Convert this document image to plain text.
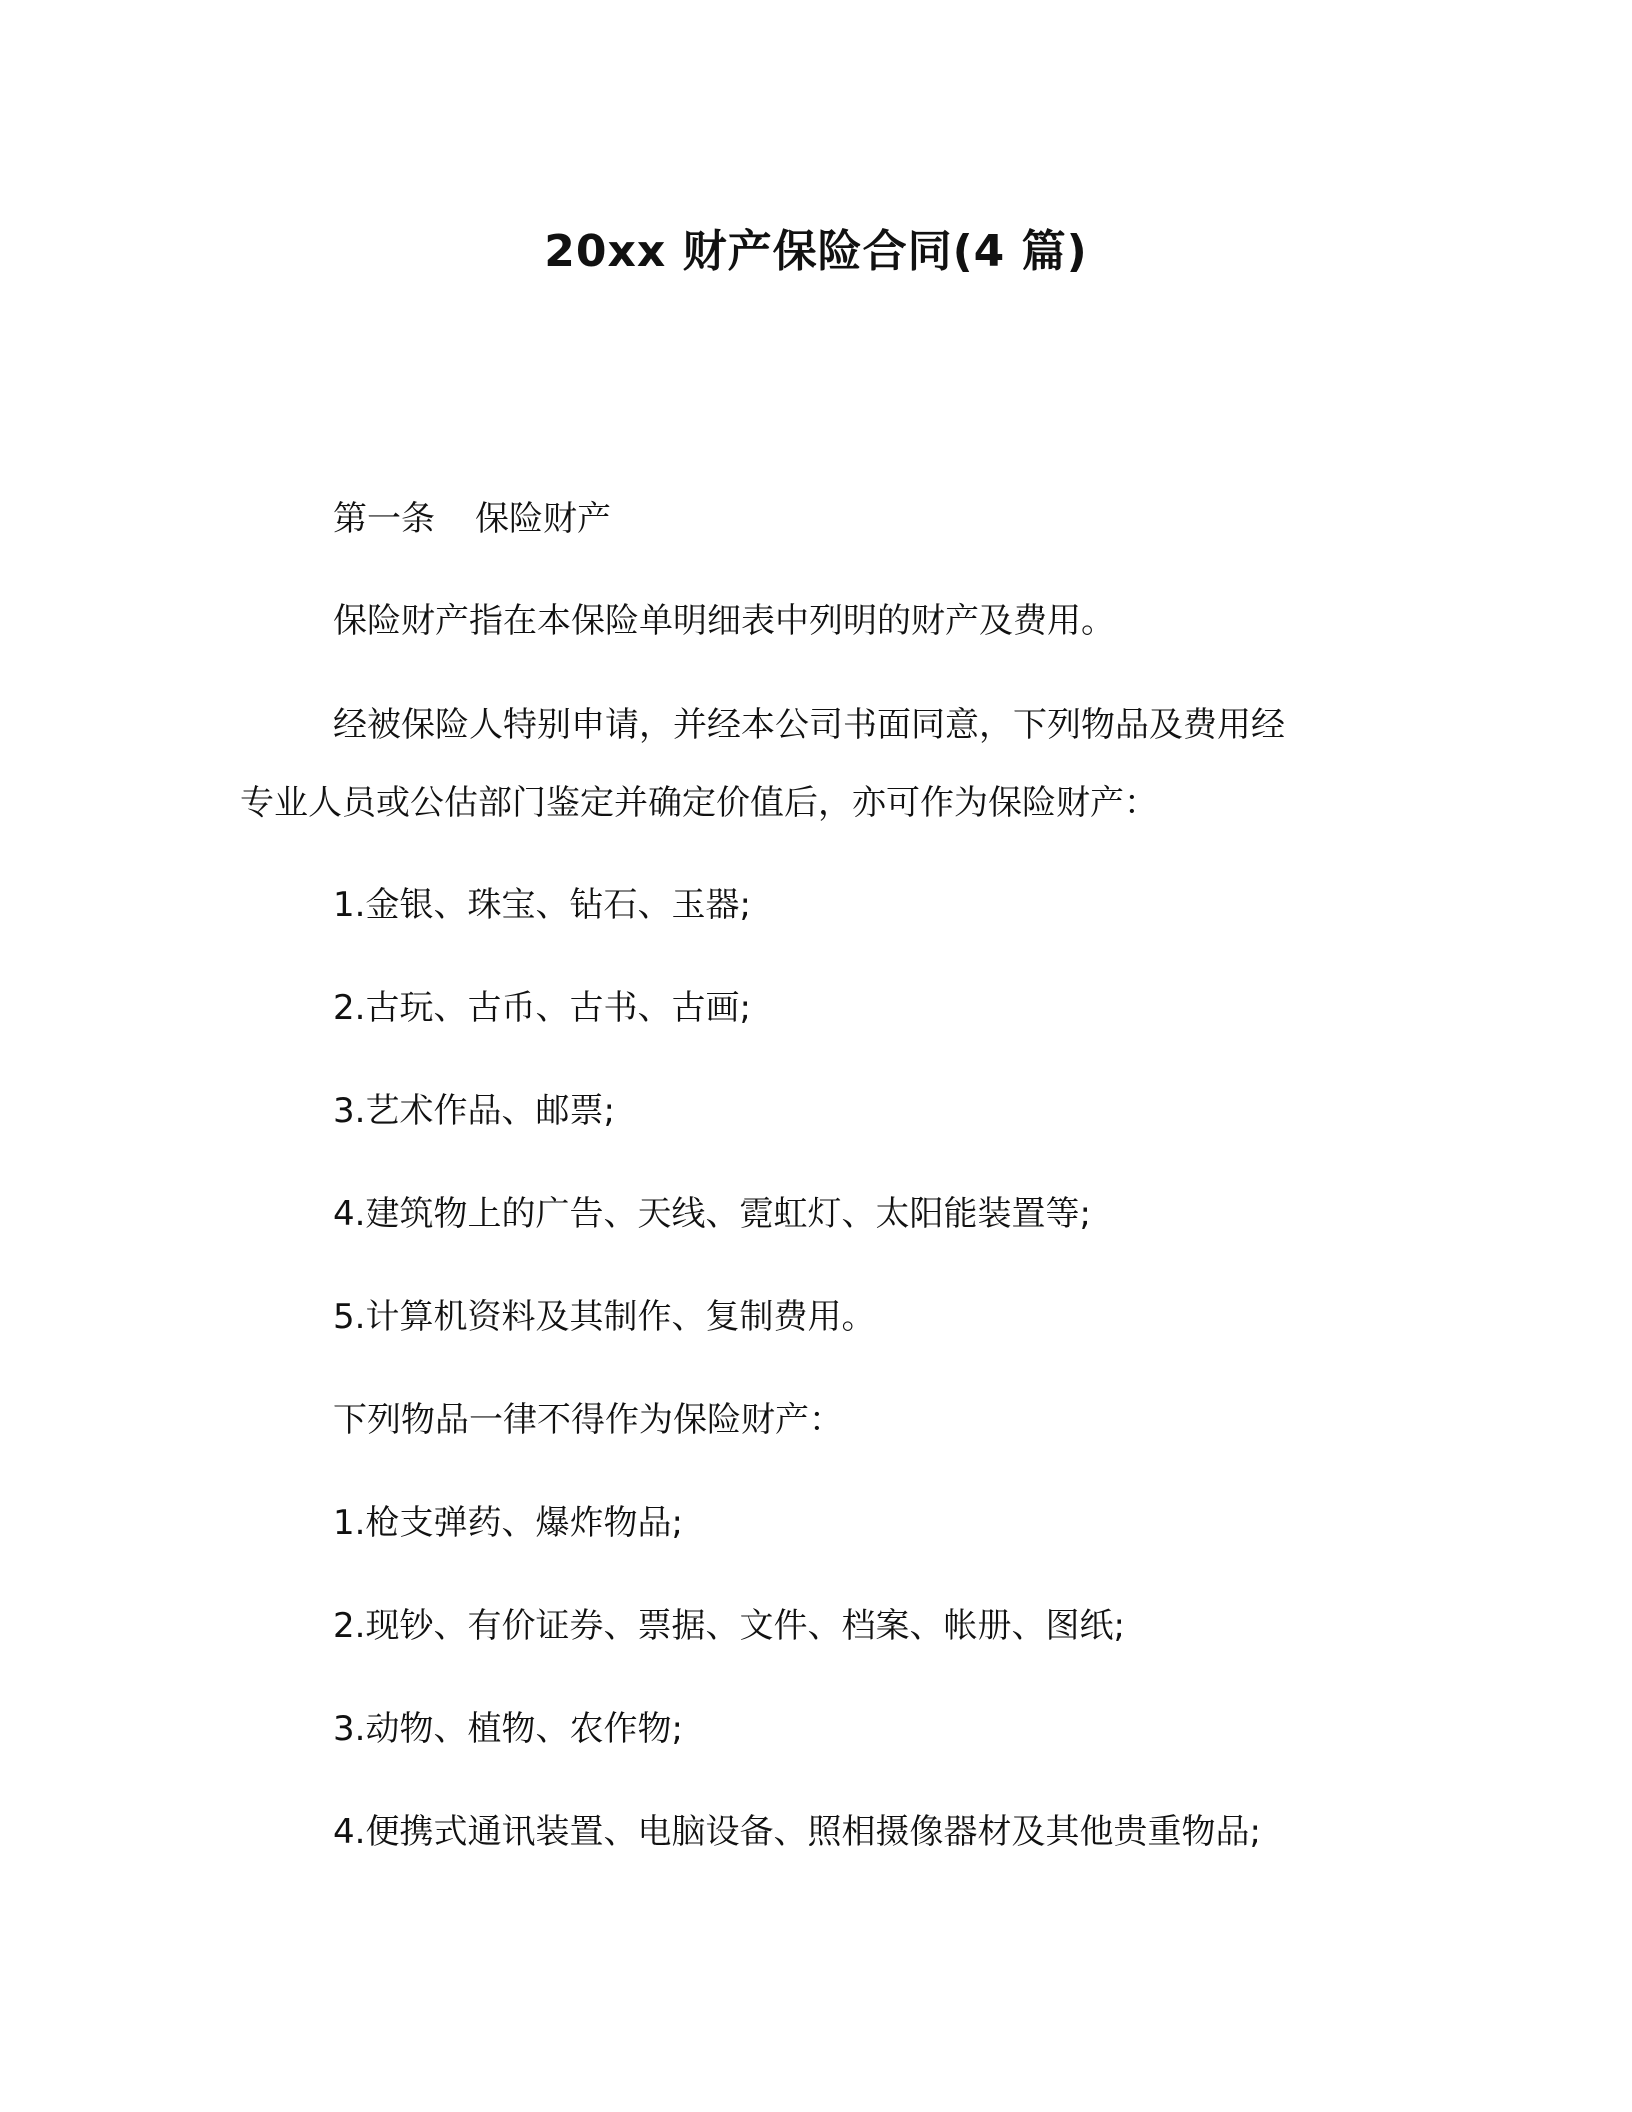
20xx 财产保险合同(4 篇)

第一条 保险财产

保险财产指在本保险单明细表中列明的财产及费用。

经被保险人特别申请，并经本公司书面同意，下列物品及费用经

专业人员或公估部门鉴定并确定价值后，亦可作为保险财产：

1.金银、珠宝、钻石、玉器;

2.古玩、古币、古书、古画;

3.艺术作品、邮票;

4.建筑物上的广告、天线、霓虹灯、太阳能装置等;

5.计算机资料及其制作、复制费用。

下列物品一律不得作为保险财产：

1.枪支弹药、爆炸物品;

2.现钞、有价证券、票据、文件、档案、帐册、图纸;

3.动物、植物、农作物;

4.便携式通讯装置、电脑设备、照相摄像器材及其他贵重物品;
